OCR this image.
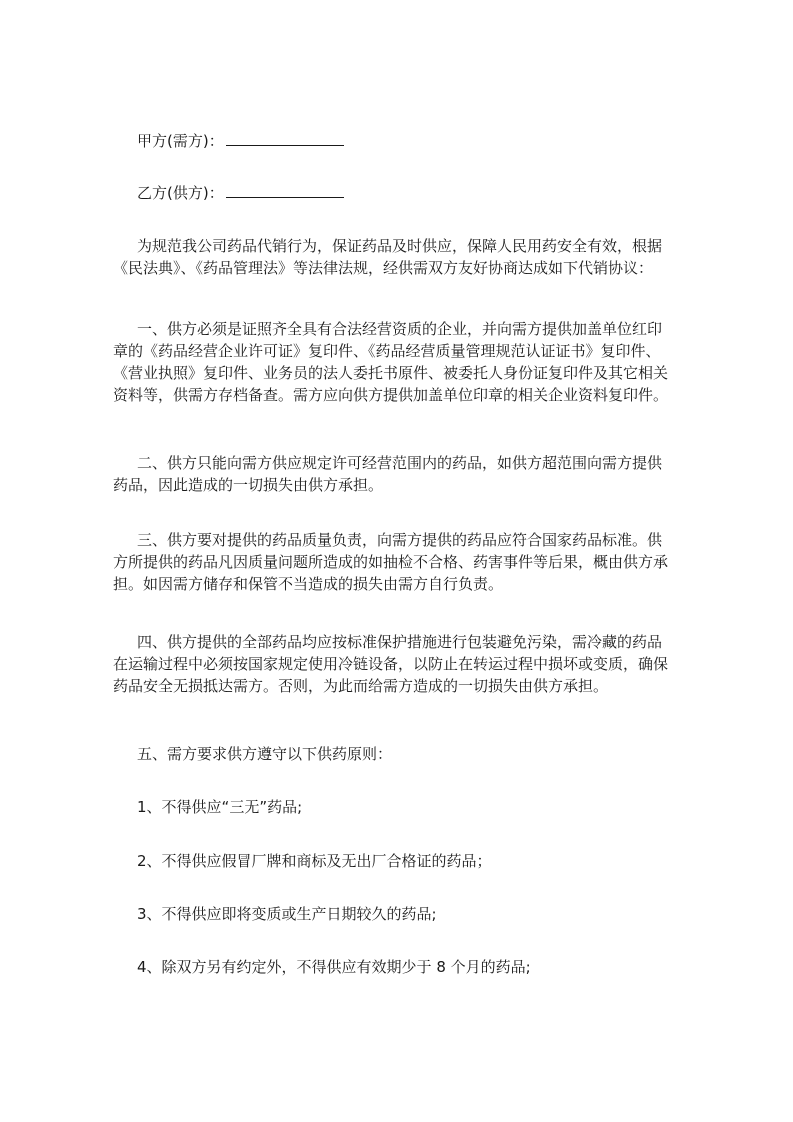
甲方(需方)：
乙方(供方)：
为规范我公司药品代销行为，保证药品及时供应，保障人民用药安全有效，根据
《民法典》、《药品管理法》等法律法规，经供需双方友好协商达成如下代销协议：
一、供方必须是证照齐全具有合法经营资质的企业，并向需方提供加盖单位红印
章的《药品经营企业许可证》复印件、《药品经营质量管理规范认证证书》复印件、
《营业执照》复印件、业务员的法人委托书原件、被委托人身份证复印件及其它相关
资料等，供需方存档备查。需方应向供方提供加盖单位印章的相关企业资料复印件。
二、供方只能向需方供应规定许可经营范围内的药品，如供方超范围向需方提供
药品，因此造成的一切损失由供方承担。
三、供方要对提供的药品质量负责，向需方提供的药品应符合国家药品标准。供
方所提供的药品凡因质量问题所造成的如抽检不合格、药害事件等后果，概由供方承
担。如因需方储存和保管不当造成的损失由需方自行负责。
四、供方提供的全部药品均应按标准保护措施进行包装避免污染，需冷藏的药品
在运输过程中必须按国家规定使用冷链设备，以防止在转运过程中损坏或变质，确保
药品安全无损抵达需方。否则，为此而给需方造成的一切损失由供方承担。
五、需方要求供方遵守以下供药原则：
1、不得供应“三无”药品;
2、不得供应假冒厂牌和商标及无出厂合格证的药品；
3、不得供应即将变质或生产日期较久的药品;
4、除双方另有约定外，不得供应有效期少于 8 个月的药品;
